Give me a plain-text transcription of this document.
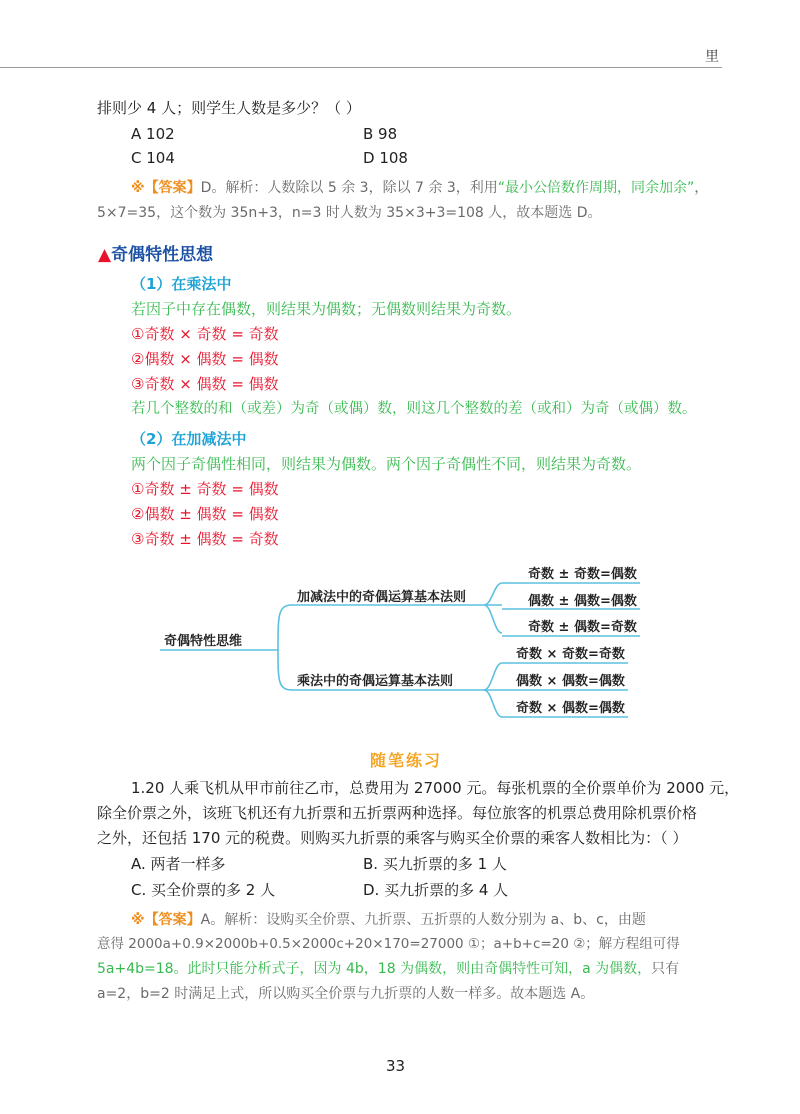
里
排则少 4 人；则学生人数是多少？（ ）
A 102	B 98
C 104	D 108
※【答案】D。解析：人数除以 5 余 3，除以 7 余 3，利用“最小公倍数作周期，同余加余”，
5×7=35，这个数为 35n+3，n=3 时人数为 35×3+3=108 人，故本题选 D。
▲奇偶特性思想
（1）在乘法中
若因子中存在偶数，则结果为偶数；无偶数则结果为奇数。
①奇数 × 奇数 = 奇数
②偶数 × 偶数 = 偶数
③奇数 × 偶数 = 偶数
若几个整数的和（或差）为奇（或偶）数，则这几个整数的差（或和）为奇（或偶）数。
（2）在加减法中
两个因子奇偶性相同，则结果为偶数。两个因子奇偶性不同，则结果为奇数。
①奇数 ± 奇数 = 偶数
②偶数 ± 偶数 = 偶数
③奇数 ± 偶数 = 奇数
奇偶特性思维
加减法中的奇偶运算基本法则
乘法中的奇偶运算基本法则
奇数 ± 奇数=偶数
偶数 ± 偶数=偶数
奇数 ± 偶数=奇数
奇数 × 奇数=奇数
偶数 × 偶数=偶数
奇数 × 偶数=偶数
随笔练习
1.20 人乘飞机从甲市前往乙市，总费用为 27000 元。每张机票的全价票单价为 2000 元，
除全价票之外，该班飞机还有九折票和五折票两种选择。每位旅客的机票总费用除机票价格
之外，还包括 170 元的税费。则购买九折票的乘客与购买全价票的乘客人数相比为：（ ）
A. 两者一样多	B. 买九折票的多 1 人
C. 买全价票的多 2 人	D. 买九折票的多 4 人
※【答案】A。解析：设购买全价票、九折票、五折票的人数分别为 a、b、c，由题
意得 2000a+0.9×2000b+0.5×2000c+20×170=27000 ①；a+b+c=20 ②；解方程组可得
5a+4b=18。此时只能分析式子，因为 4b，18 为偶数，则由奇偶特性可知，a 为偶数，只有
a=2，b=2 时满足上式，所以购买全价票与九折票的人数一样多。故本题选 A。
33
